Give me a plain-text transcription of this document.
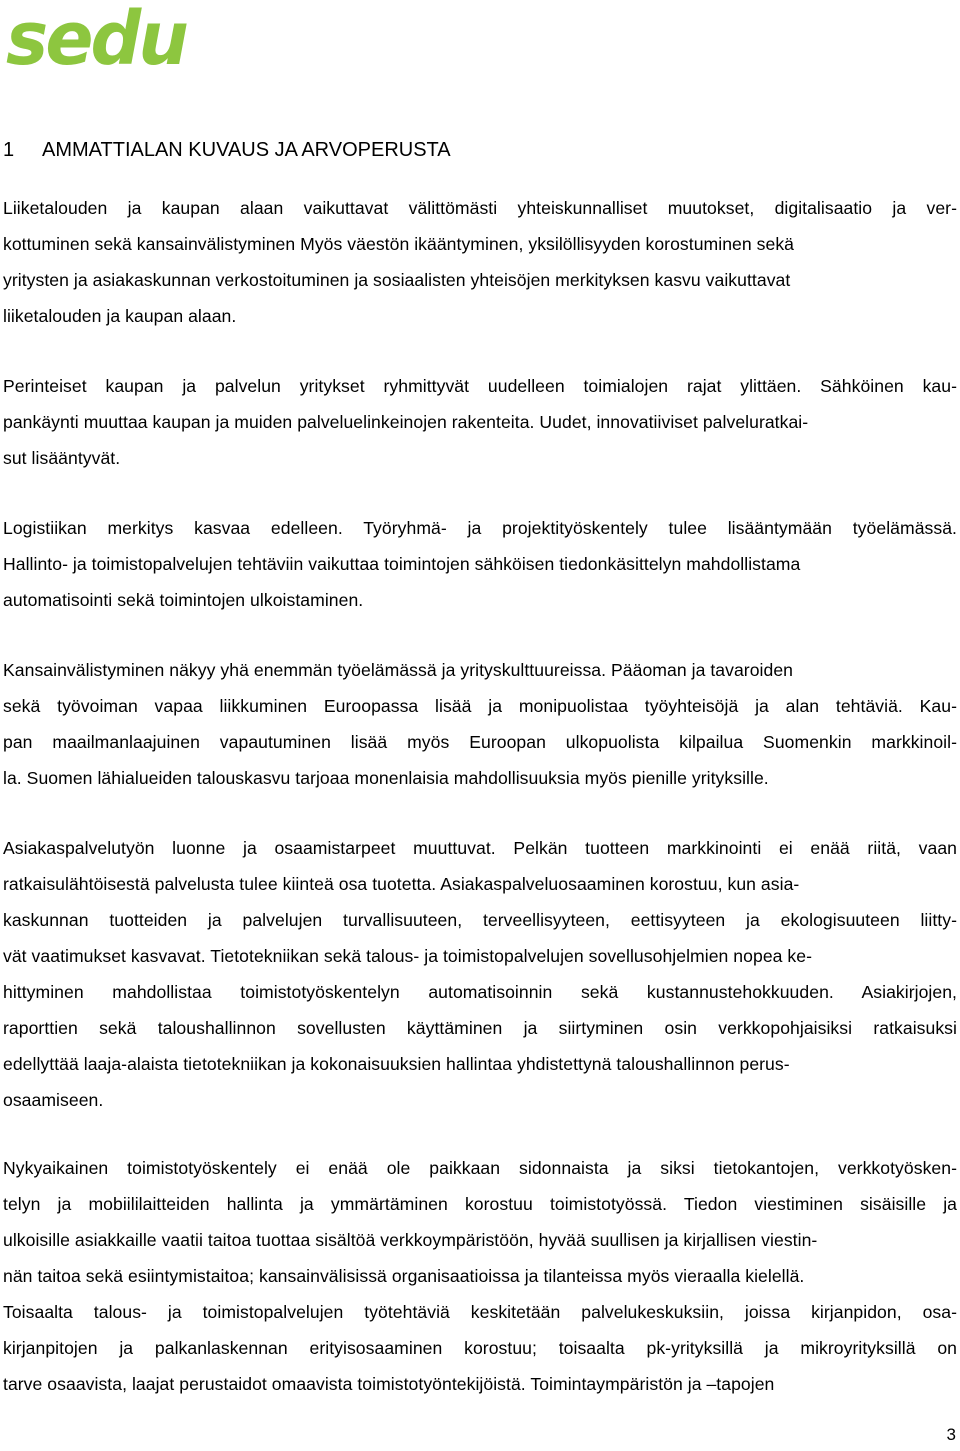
sedu
1 AMMATTIALAN KUVAUS JA ARVOPERUSTA
Liiketalouden ja kaupan alaan vaikuttavat välittömästi yhteiskunnalliset muutokset, digitalisaatio ja ver-
kottuminen sekä kansainvälistyminen Myös väestön ikääntyminen, yksilöllisyyden korostuminen sekä
yritysten ja asiakaskunnan verkostoituminen ja sosiaalisten yhteisöjen merkityksen kasvu vaikuttavat
liiketalouden ja kaupan alaan.
Perinteiset kaupan ja palvelun yritykset ryhmittyvät uudelleen toimialojen rajat ylittäen. Sähköinen kau-
pankäynti muuttaa kaupan ja muiden palveluelinkeinojen rakenteita. Uudet, innovatiiviset palveluratkai-
sut lisääntyvät.
Logistiikan merkitys kasvaa edelleen. Työryhmä- ja projektityöskentely tulee lisääntymään työelämässä.
Hallinto- ja toimistopalvelujen tehtäviin vaikuttaa toimintojen sähköisen tiedonkäsittelyn mahdollistama
automatisointi sekä toimintojen ulkoistaminen.
Kansainvälistyminen näkyy yhä enemmän työelämässä ja yrityskulttuureissa. Pääoman ja tavaroiden
sekä työvoiman vapaa liikkuminen Euroopassa lisää ja monipuolistaa työyhteisöjä ja alan tehtäviä. Kau-
pan maailmanlaajuinen vapautuminen lisää myös Euroopan ulkopuolista kilpailua Suomenkin markkinoil-
la. Suomen lähialueiden talouskasvu tarjoaa monenlaisia mahdollisuuksia myös pienille yrityksille.
Asiakaspalvelutyön luonne ja osaamistarpeet muuttuvat. Pelkän tuotteen markkinointi ei enää riitä, vaan
ratkaisulähtöisestä palvelusta tulee kiinteä osa tuotetta. Asiakaspalveluosaaminen korostuu, kun asia-
kaskunnan tuotteiden ja palvelujen turvallisuuteen, terveellisyyteen, eettisyyteen ja ekologisuuteen liitty-
vät vaatimukset kasvavat. Tietotekniikan sekä talous- ja toimistopalvelujen sovellusohjelmien nopea ke-
hittyminen mahdollistaa toimistotyöskentelyn automatisoinnin sekä kustannustehokkuuden. Asiakirjojen,
raporttien sekä taloushallinnon sovellusten käyttäminen ja siirtyminen osin verkkopohjaisiksi ratkaisuksi
edellyttää laaja-alaista tietotekniikan ja kokonaisuuksien hallintaa yhdistettynä taloushallinnon perus-
osaamiseen.
Nykyaikainen toimistotyöskentely ei enää ole paikkaan sidonnaista ja siksi tietokantojen, verkkotyösken-
telyn ja mobiililaitteiden hallinta ja ymmärtäminen korostuu toimistotyössä. Tiedon viestiminen sisäisille ja
ulkoisille asiakkaille vaatii taitoa tuottaa sisältöä verkkoympäristöön, hyvää suullisen ja kirjallisen viestin-
nän taitoa sekä esiintymistaitoa; kansainvälisissä organisaatioissa ja tilanteissa myös vieraalla kielellä.
Toisaalta talous- ja toimistopalvelujen työtehtäviä keskitetään palvelukeskuksiin, joissa kirjanpidon, osa-
kirjanpitojen ja palkanlaskennan erityisosaaminen korostuu; toisaalta pk-yrityksillä ja mikroyrityksillä on
tarve osaavista, laajat perustaidot omaavista toimistotyöntekijöistä. Toimintaympäristön ja –tapojen
3
